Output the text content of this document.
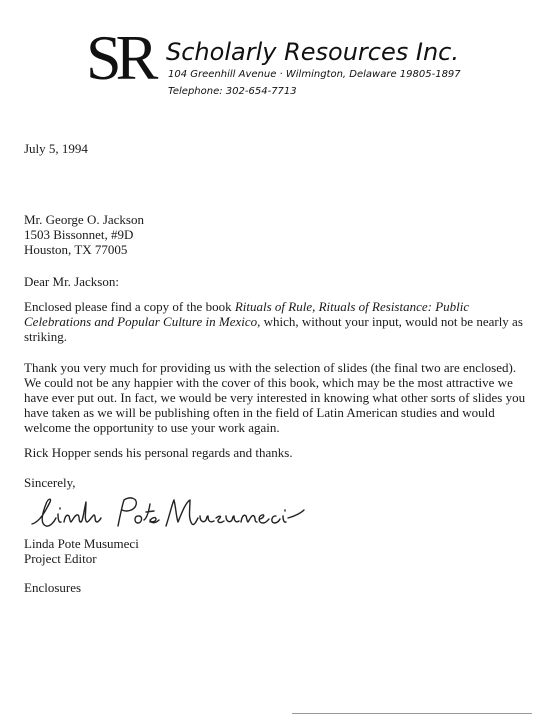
SR Scholarly Resources Inc.
104 Greenhill Avenue · Wilmington, Delaware 19805-1897
Telephone: 302-654-7713
July 5, 1994
Mr. George O. Jackson
1503 Bissonnet, #9D
Houston, TX 77005
Dear Mr. Jackson:
Enclosed please find a copy of the book Rituals of Rule, Rituals of Resistance: Public Celebrations and Popular Culture in Mexico, which, without your input, would not be nearly as striking.
Thank you very much for providing us with the selection of slides (the final two are enclosed). We could not be any happier with the cover of this book, which may be the most attractive we have ever put out. In fact, we would be very interested in knowing what other sorts of slides you have taken as we will be publishing often in the field of Latin American studies and would welcome the opportunity to use your work again.
Rick Hopper sends his personal regards and thanks.
Sincerely,
Linda Pote Musumeci
Project Editor
Enclosures
